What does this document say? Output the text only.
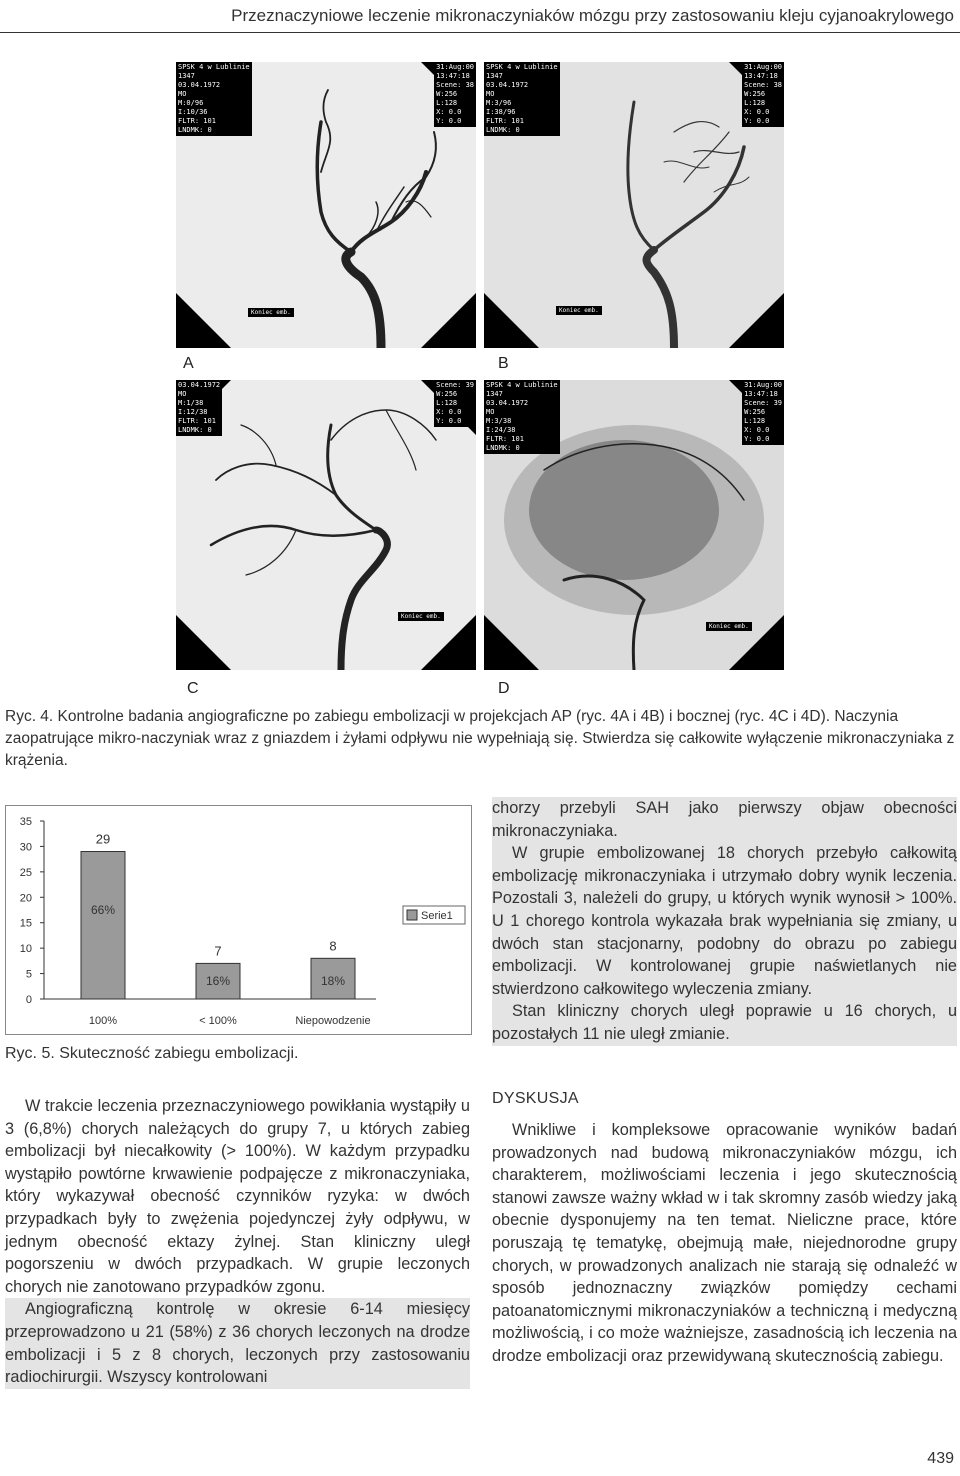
Przeznaczyniowe leczenie mikronaczyniaków mózgu przy zastosowaniu kleju cyjanoakrylowego
SPSK 4 w Lublinie
1347
03.04.1972
MO
M:0/96
I:10/36
FLTR: 101
LNDMK: 0
31:Aug:00
13:47:18
Scene: 38
W:256
L:128
X: 0.0
Y: 0.0
Koniec emb.
A
SPSK 4 w Lublinie
1347
03.04.1972
MO
M:3/96
I:38/96
FLTR: 101
LNDMK: 0
31:Aug:00
13:47:18
Scene: 38
W:256
L:128
X: 0.0
Y: 0.0
Koniec emb.
B
03.04.1972
MO
M:1/38
I:12/38
FLTR: 101
LNDMK: 0
Scene: 39
W:256
L:128
X: 0.0
Y: 0.0
Koniec emb.
C
SPSK 4 w Lublinie
1347
03.04.1972
MO
M:3/38
I:24/38
FLTR: 101
LNDMK: 0
31:Aug:00
13:47:18
Scene: 39
W:256
L:128
X: 0.0
Y: 0.0
Koniec emb.
D
Ryc. 4. Kontrolne badania angiograficzne po zabiegu embolizacji w projekcjach AP (ryc. 4A i 4B) i bocznej (ryc. 4C i 4D). Naczynia zaopatrujące mikro-naczyniak wraz z gniazdem i żyłami odpływu nie wypełniają się. Stwierdza się całkowite wyłączenie mikronaczyniaka z krążenia.
0
5
10
15
20
25
30
35
29
66%
100%
7
16%
< 100%
8
18%
Niepowodzenie
Serie1
Ryc. 5. Skuteczność zabiegu embolizacji.

W trakcie leczenia przeznaczyniowego powikłania wystąpiły u 3 (6,8%) chorych należących do grupy 7, u których zabieg embolizacji był niecałkowity (> 100%). W każdym przypadku wystąpiło powtórne krwawienie podpajęcze z mikronaczyniaka, który wykazywał obecność czynników ryzyka: w dwóch przypadkach były to zwężenia pojedynczej żyły odpływu, w jednym obecność ektazy żylnej. Stan kliniczny uległ pogorszeniu w dwóch przypadkach. W grupie leczonych chorych nie zanotowano przypadków zgonu.

Angiograficzną kontrolę w okresie 6-14 miesięcy przeprowadzono u 21 (58%) z 36 chorych leczonych na drodze embolizacji i 5 z 8 chorych, leczonych przy zastosowaniu radiochirurgii. Wszyscy kontrolowani

chorzy przebyli SAH jako pierwszy objaw obecności mikronaczyniaka.

W grupie embolizowanej 18 chorych przebyło całkowitą embolizację mikronaczyniaka i utrzymało dobry wynik leczenia. Pozostali 3, należeli do grupy, u których wynik wynosił > 100%. U 1 chorego kontrola wykazała brak wypełniania się zmiany, u dwóch stan stacjonarny, podobny do obrazu po zabiegu embolizacji. W kontrolowanej grupie naświetlanych nie stwierdzono całkowitego wyleczenia zmiany.

Stan kliniczny chorych uległ poprawie u 16 chorych, u pozostałych 11 nie uległ zmianie.

DYSKUSJA

Wnikliwe i kompleksowe opracowanie wyników badań prowadzonych nad budową mikronaczyniaków mózgu, ich charakterem, możliwościami leczenia i jego skutecznością stanowi zawsze ważny wkład w i tak skromny zasób wiedzy jaką obecnie dysponujemy na ten temat. Nieliczne prace, które poruszają tę tematykę, obejmują małe, niejednorodne grupy chorych, w prowadzonych analizach nie starają się odnaleźć w sposób jednoznaczny związków pomiędzy cechami patoanatomicznymi mikronaczyniaków a techniczną i medyczną możliwością, i co może ważniejsze, zasadnością ich leczenia na drodze embolizacji oraz przewidywaną skutecznością zabiegu.

439
